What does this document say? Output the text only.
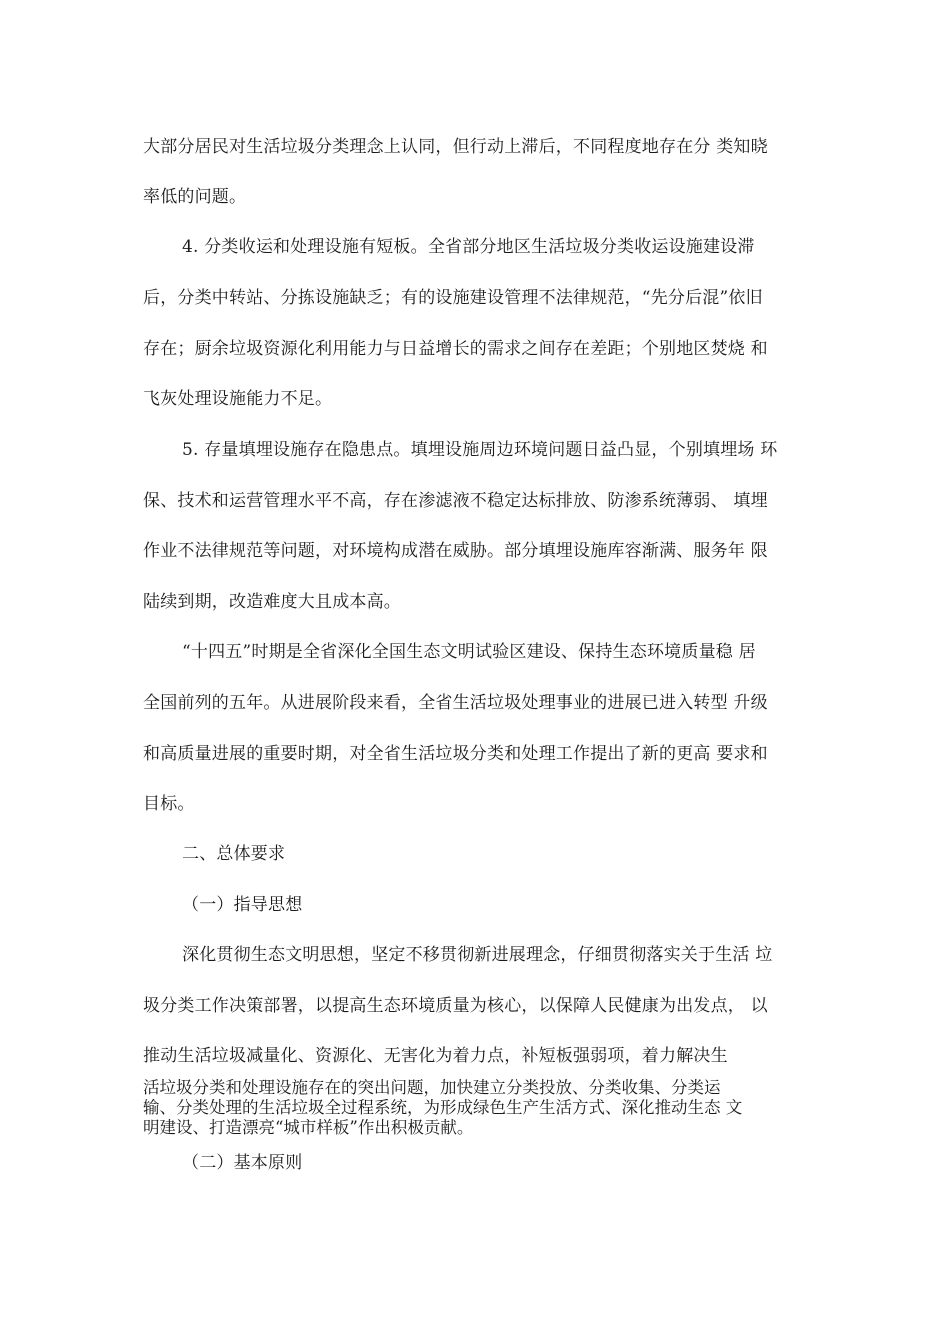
大部分居民对生活垃圾分类理念上认同，但行动上滞后，不同程度地存在分 类知晓
率低的问题。
4. 分类收运和处理设施有短板。全省部分地区生活垃圾分类收运设施建设滞
后，分类中转站、分拣设施缺乏；有的设施建设管理不法律规范，“先分后混”依旧
存在；厨余垃圾资源化利用能力与日益增长的需求之间存在差距；个别地区焚烧 和
飞灰处理设施能力不足。
5. 存量填埋设施存在隐患点。填埋设施周边环境问题日益凸显，个别填埋场 环
保、技术和运营管理水平不高，存在渗滤液不稳定达标排放、防渗系统薄弱、 填埋
作业不法律规范等问题，对环境构成潜在威胁。部分填埋设施库容渐满、服务年 限
陆续到期，改造难度大且成本高。
“十四五”时期是全省深化全国生态文明试验区建设、保持生态环境质量稳 居
全国前列的五年。从进展阶段来看，全省生活垃圾处理事业的进展已进入转型 升级
和高质量进展的重要时期，对全省生活垃圾分类和处理工作提出了新的更高 要求和
目标。
二、总体要求
（一）指导思想
深化贯彻生态文明思想，坚定不移贯彻新进展理念，仔细贯彻落实关于生活 垃
圾分类工作决策部署，以提高生态环境质量为核心，以保障人民健康为出发点， 以
推动生活垃圾减量化、资源化、无害化为着力点，补短板强弱项，着力解决生
活垃圾分类和处理设施存在的突出问题，加快建立分类投放、分类收集、分类运
输、分类处理的生活垃圾全过程系统，为形成绿色生产生活方式、深化推动生态 文
明建设、打造漂亮“城市样板”作出积极贡献。
（二）基本原则
